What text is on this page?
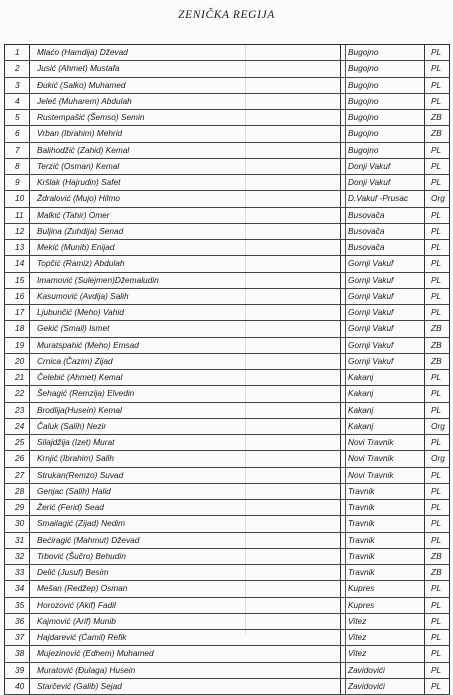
ZENIČKA REGIJA
1	Mlaćo (Hamdija) Dževad	Bugojno	PL
2	Jusić (Ahmet) Mustafa	Bugojno	PL
3	Đukić (Salko) Muhamed	Bugojno	PL
4	Jeleč (Muharem) Abdulah	Bugojno	PL
5	Rustempašić (Šemso) Semin	Bugojno	ZB
6	Vrban (Ibrahim) Mehrid	Bugojno	ZB
7	Balihodžić (Zahid) Kemal	Bugojno	PL
8	Terzić (Osman) Kemal	Donji Vakuf	PL
9	Kršlak (Hajrudin) Safet	Donji Vakuf	PL
10	Ždralović (Mujo) Hilmo	D.Vakuf -Prusac	Org
11	Malkić (Tahir) Omer	Busovača	PL
12	Buljina (Zuhdija) Senad	Busovača	PL
13	Mekić (Munib) Enijad	Busovača	PL
14	Topčić (Ramiz) Abdulah	Gornji Vakuf	PL
15	Imamović (Sulejmen)Džemaludin	Gornji Vakuf	PL
16	Kasumović (Avdija) Salih	Gornji Vakuf	PL
17	Ljubunčić (Meho) Vahid	Gornji Vakuf	PL
18	Gekić (Smail) Ismet	Gornji Vakuf	ZB
19	Muratspahić (Meho) Emsad	Gornji Vakuf	ZB
20	Crnica (Čazim) Zijad	Gornji Vakuf	ZB
21	Čelebić (Ahmet) Kemal	Kakanj	PL
22	Šehagić (Remzija) Elvedin	Kakanj	PL
23	Brodlija(Husein) Kemal	Kakanj	PL
24	Čaluk (Salih) Nezir	Kakanj	Org
25	Silajdžija (Izet) Murat	Novi Travnik	PL
26	Krnjić (Ibrahim) Salih	Novi Travnik	Org
27	Strukan(Remzo) Suvad	Novi Travnik	PL
28	Genjac (Salih) Halid	Travnik	PL
29	Žerić (Ferid) Sead	Travnik	PL
30	Smailagić (Zijad) Nedim	Travnik	PL
31	Bećiragić (Mahmut) Dževad	Travnik	PL
32	Trbović (Šučro) Behudin	Travnik	ZB
33	Delić (Jusuf) Besim	Travnik	ZB
34	Mešan (Redžep) Osman	Kupres	PL
35	Horozović (Akif) Fadil	Kupres	PL
36	Kajmović (Arif) Munib	Vitez	PL
37	Hajdarević (Ćamil) Refik	Vitez	PL
38	Mujezinović (Edhem) Muhamed	Vitez	PL
39	Muratović (Đulaga) Husein	Zavidovići	PL
40	Starčević (Galib) Sejad	Zavidovići	PL
